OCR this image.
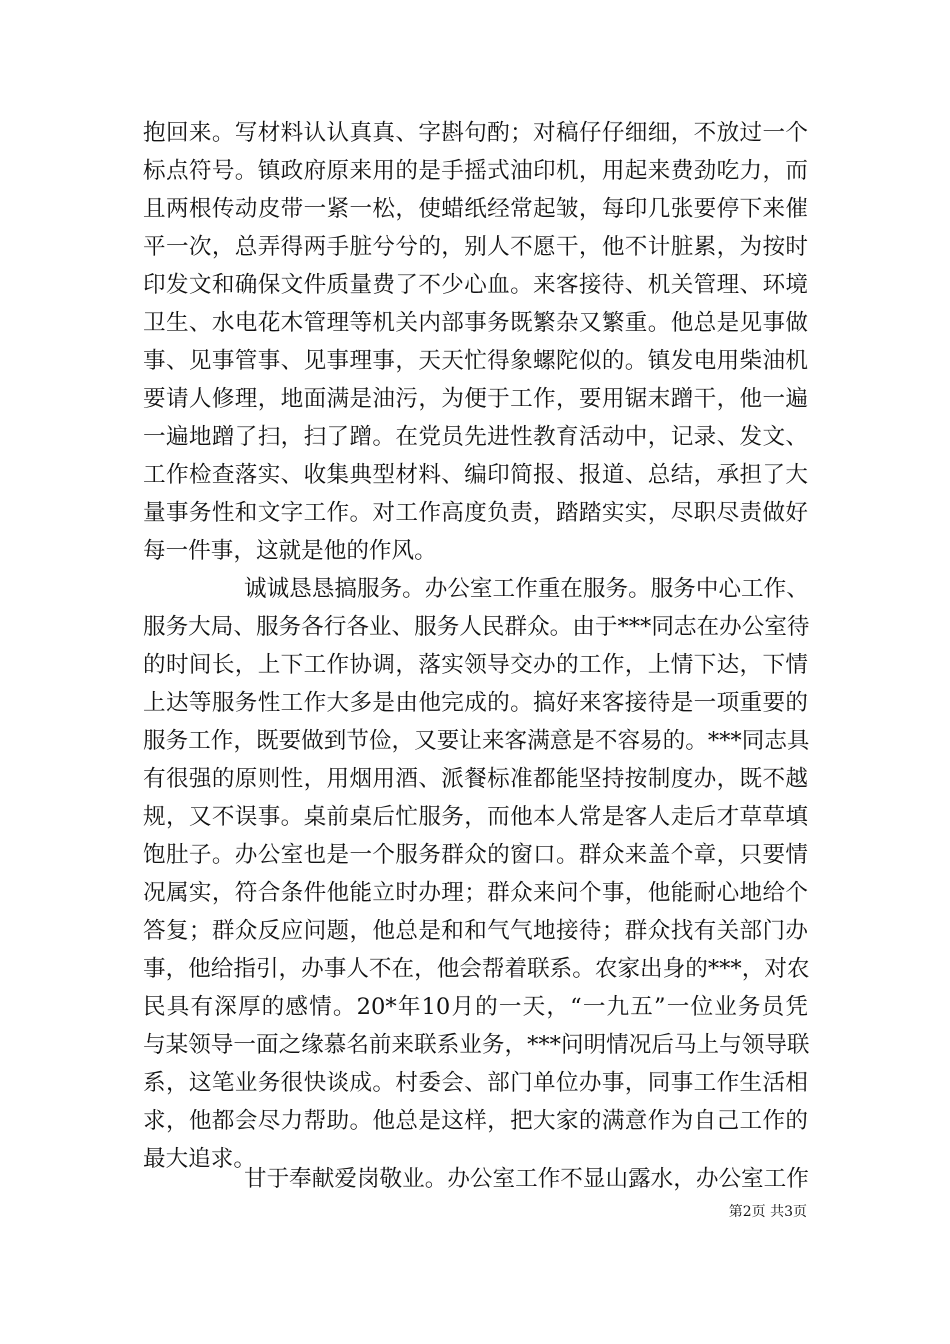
抱回来。写材料认认真真、字斟句酌；对稿仔仔细细，不放过一个
标点符号。镇政府原来用的是手摇式油印机，用起来费劲吃力，而
且两根传动皮带一紧一松，使蜡纸经常起皱，每印几张要停下来催
平一次，总弄得两手脏兮兮的，别人不愿干，他不计脏累，为按时
印发文和确保文件质量费了不少心血。来客接待、机关管理、环境
卫生、水电花木管理等机关内部事务既繁杂又繁重。他总是见事做
事、见事管事、见事理事，天天忙得象螺陀似的。镇发电用柴油机
要请人修理，地面满是油污，为便于工作，要用锯末蹭干，他一遍
一遍地蹭了扫，扫了蹭。在党员先进性教育活动中，记录、发文、
工作检查落实、收集典型材料、编印简报、报道、总结，承担了大
量事务性和文字工作。对工作高度负责，踏踏实实，尽职尽责做好
每一件事，这就是他的作风。
诚诚恳恳搞服务。办公室工作重在服务。服务中心工作、
服务大局、服务各行各业、服务人民群众。由于***同志在办公室待
的时间长，上下工作协调，落实领导交办的工作，上情下达，下情
上达等服务性工作大多是由他完成的。搞好来客接待是一项重要的
服务工作，既要做到节俭，又要让来客满意是不容易的。***同志具
有很强的原则性，用烟用酒、派餐标准都能坚持按制度办，既不越
规，又不误事。桌前桌后忙服务，而他本人常是客人走后才草草填
饱肚子。办公室也是一个服务群众的窗口。群众来盖个章，只要情
况属实，符合条件他能立时办理；群众来问个事，他能耐心地给个
答复；群众反应问题，他总是和和气气地接待；群众找有关部门办
事，他给指引，办事人不在，他会帮着联系。农家出身的***，对农
民具有深厚的感情。20*年10月的一天，“一九五”一位业务员凭
与某领导一面之缘慕名前来联系业务，***问明情况后马上与领导联
系，这笔业务很快谈成。村委会、部门单位办事，同事工作生活相
求，他都会尽力帮助。他总是这样，把大家的满意作为自己工作的
最大追求。
甘于奉献爱岗敬业。办公室工作不显山露水，办公室工作
第2页 共3页
